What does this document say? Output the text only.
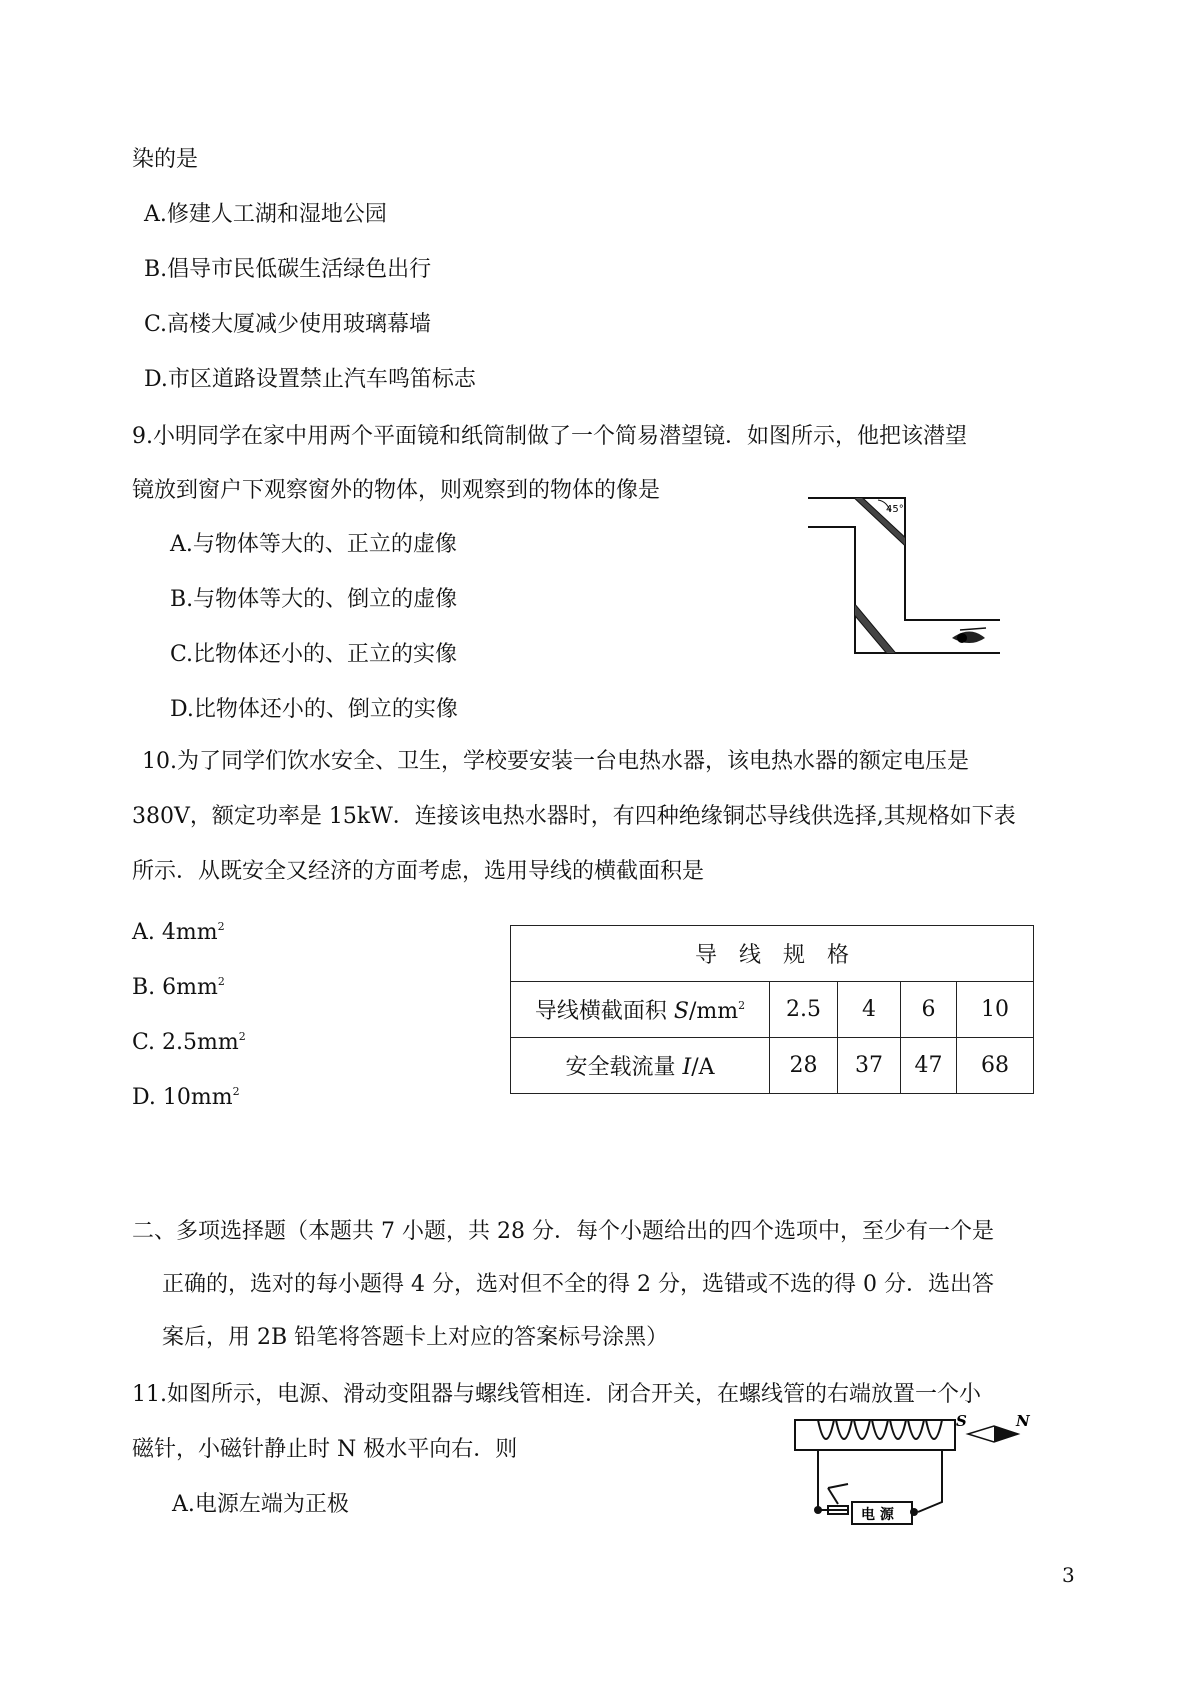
染的是
A.修建人工湖和湿地公园
B.倡导市民低碳生活绿色出行
C.高楼大厦减少使用玻璃幕墙
D.市区道路设置禁止汽车鸣笛标志
9.小明同学在家中用两个平面镜和纸筒制做了一个简易潜望镜．如图所示，他把该潜望
镜放到窗户下观察窗外的物体，则观察到的物体的像是
A.与物体等大的、正立的虚像
B.与物体等大的、倒立的虚像
C.比物体还小的、正立的实像
D.比物体还小的、倒立的实像
45°
10.为了同学们饮水安全、卫生，学校要安装一台电热水器，该电热水器的额定电压是
380V，额定功率是 15kW．连接该电热水器时，有四种绝缘铜芯导线供选择,其规格如下表
所示．从既安全又经济的方面考虑，选用导线的横截面积是
A. $4mm^2$
B. $6mm^2$
C. $2.5mm^2$
D. $10mm^2$
导　线　规　格				
导线横截面积 $S/mm^2$	2.5	4	6	10
安全载流量 I/A	28	37	47	68
二、多项选择题（本题共 7 小题，共 28 分．每个小题给出的四个选项中，至少有一个是
正确的，选对的每小题得 4 分，选对但不全的得 2 分，选错或不选的得 0 分．选出答
案后，用 2B 铅笔将答题卡上对应的答案标号涂黑）
11.如图所示，电源、滑动变阻器与螺线管相连．闭合开关，在螺线管的右端放置一个小
磁针，小磁针静止时 N 极水平向右．则
A.电源左端为正极	电 源
S	N
3
